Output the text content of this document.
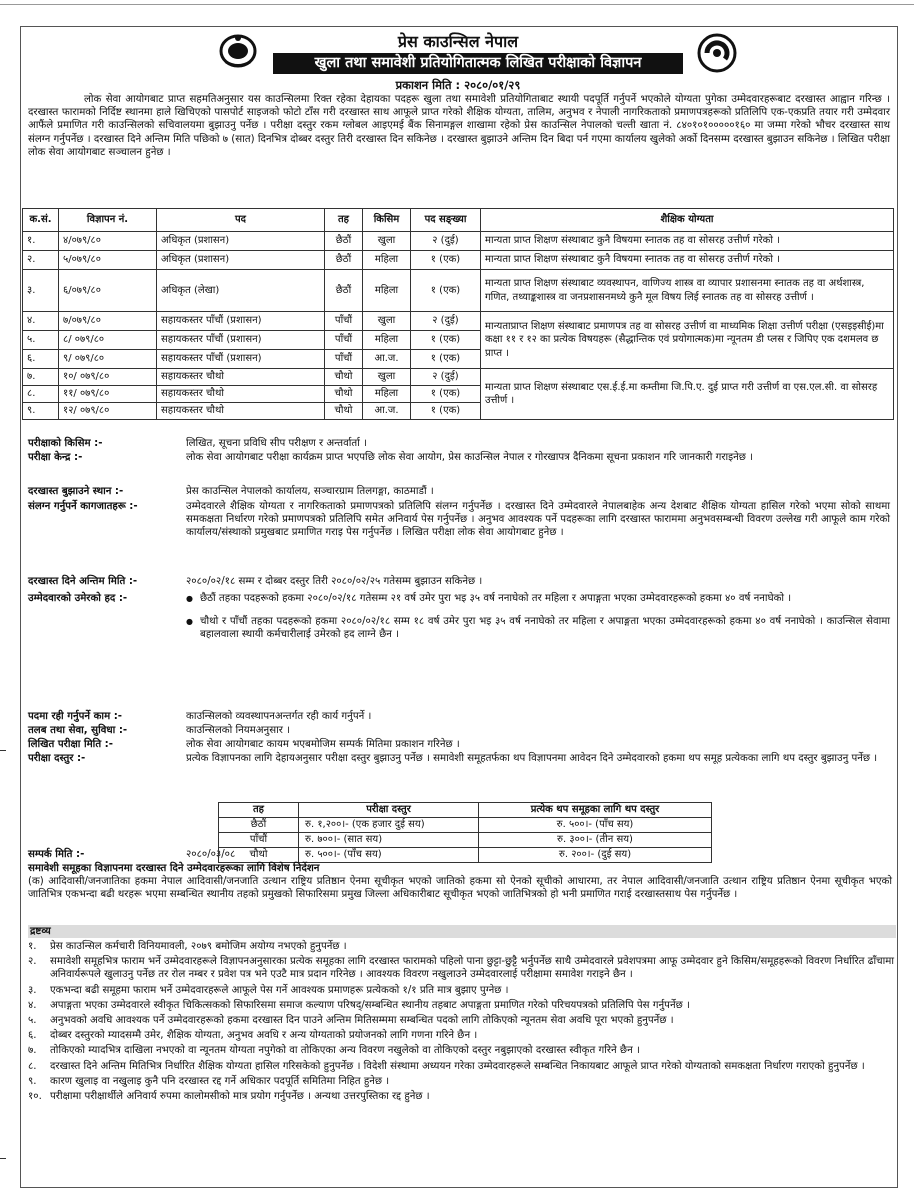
प्रेस काउन्सिल नेपाल
खुला तथा समावेशी प्रतियोगितात्मक लिखित परीक्षाको विज्ञापन
प्रकाशन मिति : २०८०/०१/२९
लोक सेवा आयोगबाट प्राप्त सहमतिअनुसार यस काउन्सिलमा रिक्त रहेका देहायका पदहरू खुला तथा समावेशी प्रतियोगिताबाट स्थायी पदपूर्ति गर्नुपर्ने भएकोले योग्यता पुगेका उम्मेदवारहरूबाट दरखास्त आह्वान गरिन्छ । दरखास्त फारामको निर्दिष्ट स्थानमा हाले खिचिएको पासपोर्ट साइजको फोटो टाँस गरी दरखास्त साथ आफूले प्राप्त गरेको शैक्षिक योग्यता, तालिम, अनुभव र नेपाली नागरिकताको प्रमाणपत्रहरूको प्रतिलिपि एक-एकप्रति तयार गरी उम्मेदवार आफैंले प्रमाणित गरी काउन्सिलको सचिवालयमा बुझाउनु पर्नेछ । परीक्षा दस्तुर रकम ग्लोबल आइएमई बैंक सिनामङ्गल शाखामा रहेको प्रेस काउन्सिल नेपालको चल्ती खाता नं. ८४०१०१०००००१६० मा जम्मा गरेको भौचर दरखास्त साथ संलग्न गर्नुपर्नेछ । दरखास्त दिने अन्तिम मिति पछिको ७ (सात) दिनभित्र दोब्बर दस्तुर तिरी दरखास्त दिन सकिनेछ । दरखास्त बुझाउने अन्तिम दिन बिदा पर्न गएमा कार्यालय खुलेको अर्को दिनसम्म दरखास्त बुझाउन सकिनेछ । लिखित परीक्षा लोक सेवा आयोगबाट सञ्चालन हुनेछ ।
क.सं.	विज्ञापन नं.	पद	तह	किसिम	पद सङ्ख्या	शैक्षिक योग्यता
१.	४/०७९/८०	अधिकृत (प्रशासन)	छैठौं	खुला	२ (दुई)	मान्यता प्राप्त शिक्षण संस्थाबाट कुनै विषयमा स्नातक तह वा सोसरह उत्तीर्ण गरेको ।
२.	५/०७९/८०	अधिकृत (प्रशासन)	छैठौं	महिला	१ (एक)	मान्यता प्राप्त शिक्षण संस्थाबाट कुनै विषयमा स्नातक तह वा सोसरह उत्तीर्ण गरेको ।
३.	६/०७९/८०	अधिकृत (लेखा)	छैठौं	महिला	१ (एक)	मान्यता प्राप्त शिक्षण संस्थाबाट व्यवस्थापन, वाणिज्य शास्त्र वा व्यापार प्रशासनमा स्नातक तह वा अर्थशास्त्र, गणित, तथ्याङ्कशास्त्र वा जनप्रशासनमध्ये कुनै मूल विषय लिई स्नातक तह वा सोसरह उत्तीर्ण ।
४.	७/०७९/८०	सहायकस्तर पाँचौं (प्रशासन)	पाँचौं	खुला	२ (दुई)	मान्यताप्राप्त शिक्षण संस्थाबाट प्रमाणपत्र तह वा सोसरह उत्तीर्ण वा माध्यमिक शिक्षा उत्तीर्ण परीक्षा (एसइइसीई)मा कक्षा ११ र १२ का प्रत्येक विषयहरू (सैद्धान्तिक एवं प्रयोगात्मक)मा न्यूनतम डी प्लस र जिपिए एक दशमलव छ प्राप्त ।
५.	८/ ०७९/८०	सहायकस्तर पाँचौं (प्रशासन)	पाँचौं	महिला	१ (एक)	
६.	९/ ०७९/८०	सहायकस्तर पाँचौं (प्रशासन)	पाँचौं	आ.ज.	१ (एक)	
७.	१०/ ०७९/८०	सहायकस्तर चौथो	चौथो	खुला	२ (दुई)	मान्यता प्राप्त शिक्षण संस्थाबाट एस.ई.ई.मा कम्तीमा जि.पि.ए. दुई प्राप्त गरी उत्तीर्ण वा एस.एल.सी. वा सोसरह उत्तीर्ण ।
८.	११/ ०७९/८०	सहायकस्तर चौथो	चौथो	महिला	१ (एक)	
९.	१२/ ०७९/८०	सहायकस्तर चौथो	चौथो	आ.ज.	१ (एक)	
परीक्षाको किसिम :-	लिखित, सूचना प्रविधि सीप परीक्षण र अन्तर्वार्ता ।
परीक्षा केन्द्र :-	लोक सेवा आयोगबाट परीक्षा कार्यक्रम प्राप्त भएपछि लोक सेवा आयोग, प्रेस काउन्सिल नेपाल र गोरखापत्र दैनिकमा सूचना प्रकाशन गरि जानकारी गराइनेछ ।
दरखास्त बुझाउने स्थान :-	प्रेस काउन्सिल नेपालको कार्यालय, सञ्चारग्राम तिलगङ्गा, काठमाडौं ।
संलग्न गर्नुपर्ने कागजातहरू :-	उम्मेदवारले शैक्षिक योग्यता र नागरिकताको प्रमाणपत्रको प्रतिलिपि संलग्न गर्नुपर्नेछ । दरखास्त दिने उम्मेदवारले नेपालबाहेक अन्य देशबाट शैक्षिक योग्यता हासिल गरेको भएमा सोको साथमा समकक्षता निर्धारण गरेको प्रमाणपत्रको प्रतिलिपि समेत अनिवार्य पेस गर्नुपर्नेछ । अनुभव आवश्यक पर्ने पदहरूका लागि दरखास्त फाराममा अनुभवसम्बन्धी विवरण उल्लेख गरी आफूले काम गरेको कार्यालय/संस्थाको प्रमुखबाट प्रमाणित गराइ पेस गर्नुपर्नेछ । लिखित परीक्षा लोक सेवा आयोगबाट हुनेछ ।
दरखास्त दिने अन्तिम मिति :-	२०८०/०२/१८ सम्म र दोब्बर दस्तुर तिरी २०८०/०२/२५ गतेसम्म बुझाउन सकिनेछ ।
उम्मेदवारको उमेरको हद :-	● छैठौं तहका पदहरूको हकमा २०८०/०२/१८ गतेसम्म २१ वर्ष उमेर पुरा भइ ३५ वर्ष ननाघेको तर महिला र अपाङ्गता भएका उम्मेदवारहरूको हकमा ४० वर्ष ननाघेको ।
● चौथो र पाँचौं तहका पदहरूको हकमा २०८०/०२/१८ सम्म १८ वर्ष उमेर पुरा भइ ३५ वर्ष ननाघेको तर महिला र अपाङ्गता भएका उम्मेदवारहरूको हकमा ४० वर्ष ननाघेको । काउन्सिल सेवामा बहालवाला स्थायी कर्मचारीलाई उमेरको हद लाग्ने छैन ।
पदमा रही गर्नुपर्ने काम :-	काउन्सिलको व्यवस्थापनअन्तर्गत रही कार्य गर्नुपर्ने ।
तलब तथा सेवा, सुविधा :-	काउन्सिलको नियमअनुसार ।
लिखित परीक्षा मिति :-	लोक सेवा आयोगबाट कायम भएबमोजिम सम्पर्क मितिमा प्रकाशन गरिनेछ ।
परीक्षा दस्तुर :-	प्रत्येक विज्ञापनका लागि देहायअनुसार परीक्षा दस्तुर बुझाउनु पर्नेछ । समावेशी समूहतर्फका थप विज्ञापनमा आवेदन दिने उम्मेदवारको हकमा थप समूह प्रत्येकका लागि थप दस्तुर बुझाउनु पर्नेछ ।
सम्पर्क मिति :-	२०८०/०३/०८
तह	परीक्षा दस्तुर	प्रत्येक थप समूहका लागि थप दस्तुर
छैठौं	रु. १,२००।- (एक हजार दुई सय)	रु. ५००।- (पाँच सय)
पाँचौं	रु. ७००।- (सात सय)	रु. ३००।- (तीन सय)
चौथो	रु. ५००।- (पाँच सय)	रु. २००।- (दुई सय)
समावेशी समूहका विज्ञापनमा दरखास्त दिने उम्मेदवारहरूका लागि विशेष निर्देशन
(क) आदिवासी/जनजातिका हकमा नेपाल आदिवासी/जनजाति उत्थान राष्ट्रिय प्रतिष्ठान ऐनमा सूचीकृत भएको जातिको हकमा सो ऐनको सूचीको आधारमा, तर नेपाल आदिवासी/जनजाति उत्थान राष्ट्रिय प्रतिष्ठान ऐनमा सूचीकृत भएको जातिभित्र एकभन्दा बढी थरहरू भएमा सम्बन्धित स्थानीय तहको प्रमुखको सिफारिसमा प्रमुख जिल्ला अधिकारीबाट सूचीकृत भएको जातिभित्रको हो भनी प्रमाणित गराई दरखास्तसाथ पेस गर्नुपर्नेछ ।
द्रष्टव्य
१. प्रेस काउन्सिल कर्मचारी विनियमावली, २०७९ बमोजिम अयोग्य नभएको हुनुपर्नेछ ।
२. समावेशी समूहभित्र फाराम भर्ने उम्मेदवारहरूले विज्ञापनअनुसारका प्रत्येक समूहका लागि दरखास्त फारामको पहिलो पाना छुट्टा-छुट्टै भर्नुपर्नेछ साथै उम्मेदवारले प्रवेशपत्रमा आफू उम्मेदवार हुने किसिम/समूहहरूको विवरण निर्धारित ढाँचामा अनिवार्यरूपले खुलाउनु पर्नेछ तर रोल नम्बर र प्रवेश पत्र भने एउटै मात्र प्रदान गरिनेछ । आवश्यक विवरण नखुलाउने उम्मेदवारलाई परीक्षामा समावेश गराइने छैन ।
३. एकभन्दा बढी समूहमा फाराम भर्ने उम्मेदवारहरूले आफूले पेस गर्ने आवश्यक प्रमाणहरू प्रत्येकको १/१ प्रति मात्र बुझाए पुग्नेछ ।
४. अपाङ्गता भएका उम्मेदवारले स्वीकृत चिकित्सकको सिफारिसमा समाज कल्याण परिषद्/सम्बन्धित स्थानीय तहबाट अपाङ्गता प्रमाणित गरेको परिचयपत्रको प्रतिलिपि पेस गर्नुपर्नेछ ।
५. अनुभवको अवधि आवश्यक पर्ने उम्मेदवारहरूको हकमा दरखास्त दिन पाउने अन्तिम मितिसम्ममा सम्बन्धित पदको लागि तोकिएको न्यूनतम सेवा अवधि पूरा भएको हुनुपर्नेछ ।
६. दोब्बर दस्तुरको म्यादसम्मै उमेर, शैक्षिक योग्यता, अनुभव अवधि र अन्य योग्यताको प्रयोजनको लागि गणना गरिने छैन ।
७. तोकिएको म्यादभित्र दाखिला नभएको वा न्यूनतम योग्यता नपुगेको वा तोकिएका अन्य विवरण नखुलेको वा तोकिएको दस्तुर नबुझाएको दरखास्त स्वीकृत गरिने छैन ।
८. दरखास्त दिने अन्तिम मितिभित्र निर्धारित शैक्षिक योग्यता हासिल गरिसकेको हुनुपर्नेछ । विदेशी संस्थामा अध्ययन गरेका उम्मेदवारहरूले सम्बन्धित निकायबाट आफूले प्राप्त गरेको योग्यताको समकक्षता निर्धारण गराएको हुनुपर्नेछ ।
९. कारण खुलाइ वा नखुलाइ कुनै पनि दरखास्त रद्द गर्ने अधिकार पदपूर्ति समितिमा निहित हुनेछ ।
१०. परीक्षामा परीक्षार्थीले अनिवार्य रुपमा कालोमसीको मात्र प्रयोग गर्नुपर्नेछ । अन्यथा उत्तरपुस्तिका रद्द हुनेछ ।
